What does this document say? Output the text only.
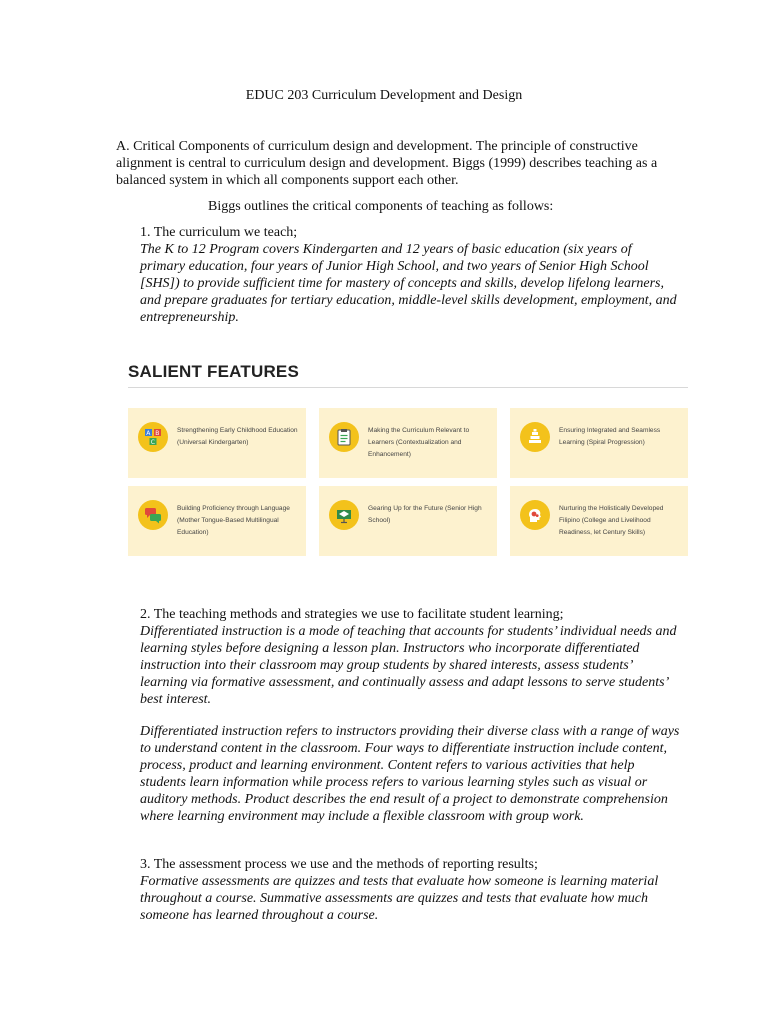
EDUC 203 Curriculum Development and Design
A. Critical Components of curriculum design and development. The principle of constructive alignment is central to curriculum design and development. Biggs (1999) describes teaching as a balanced system in which all components support each other.
Biggs outlines the critical components of teaching as follows:

1. The curriculum we teach;

The K to 12 Program covers Kindergarten and 12 years of basic education (six years of primary education, four years of Junior High School, and two years of Senior High School [SHS]) to provide sufficient time for mastery of concepts and skills, develop lifelong learners, and prepare graduates for tertiary education, middle-level skills development, employment, and entrepreneurship.

SALIENT FEATURES
A B
C
Strengthening Early Childhood Education (Universal Kindergarten)
Making the Curriculum Relevant to Learners (Contextualization and Enhancement)
Ensuring Integrated and Seamless Learning (Spiral Progression)
Building Proficiency through Language (Mother Tongue-Based Multilingual Education)
Gearing Up for the Future (Senior High School)
Nurturing the Holistically Developed Filipino (College and Livelihood Readiness, let Century Skills)

2. The teaching methods and strategies we use to facilitate student learning;

Differentiated instruction is a mode of teaching that accounts for students’ individual needs and learning styles before designing a lesson plan. Instructors who incorporate differentiated instruction into their classroom may group students by shared interests, assess students’ learning via formative assessment, and continually assess and adapt lessons to serve students’ best interest.

Differentiated instruction refers to instructors providing their diverse class with a range of ways to understand content in the classroom. Four ways to differentiate instruction include content, process, product and learning environment. Content refers to various activities that help students learn information while process refers to various learning styles such as visual or auditory methods. Product describes the end result of a project to demonstrate comprehension where learning environment may include a flexible classroom with group work.

3. The assessment process we use and the methods of reporting results;

Formative assessments are quizzes and tests that evaluate how someone is learning material throughout a course. Summative assessments are quizzes and tests that evaluate how much someone has learned throughout a course.
